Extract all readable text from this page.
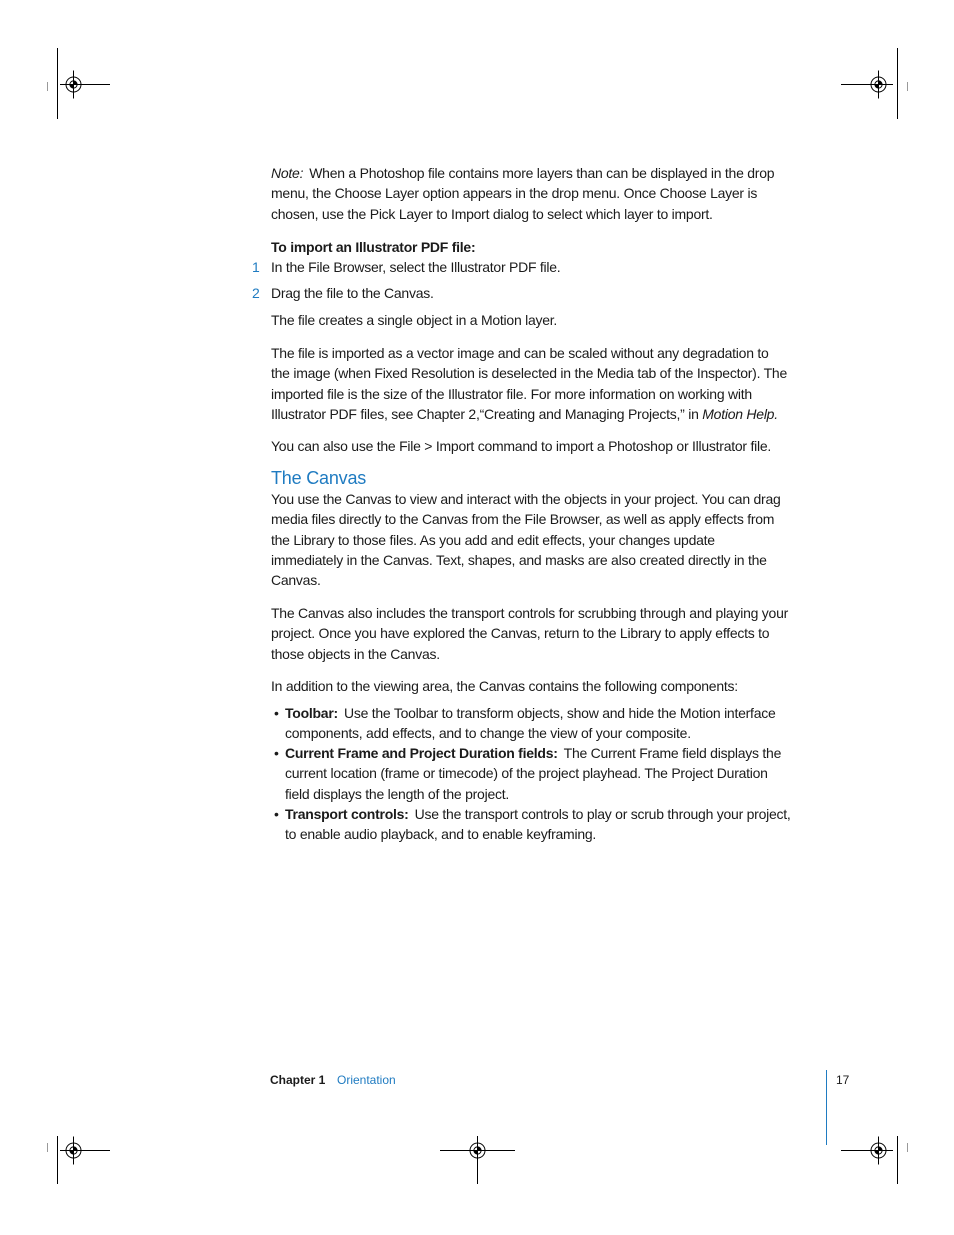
Note: When a Photoshop file contains more layers than can be displayed in the drop
menu, the Choose Layer option appears in the drop menu. Once Choose Layer is
chosen, use the Pick Layer to Import dialog to select which layer to import.
To import an Illustrator PDF file:
1 In the File Browser, select the Illustrator PDF file.
2 Drag the file to the Canvas.
The file creates a single object in a Motion layer.
The file is imported as a vector image and can be scaled without any degradation to
the image (when Fixed Resolution is deselected in the Media tab of the Inspector). The
imported file is the size of the Illustrator file. For more information on working with
Illustrator PDF files, see Chapter 2,“Creating and Managing Projects,” in Motion Help.
You can also use the File > Import command to import a Photoshop or Illustrator file.
The Canvas
You use the Canvas to view and interact with the objects in your project. You can drag
media files directly to the Canvas from the File Browser, as well as apply effects from
the Library to those files. As you add and edit effects, your changes update
immediately in the Canvas. Text, shapes, and masks are also created directly in the
Canvas.
The Canvas also includes the transport controls for scrubbing through and playing your
project. Once you have explored the Canvas, return to the Library to apply effects to
those objects in the Canvas.
In addition to the viewing area, the Canvas contains the following components:
• Toolbar: Use the Toolbar to transform objects, show and hide the Motion interface
components, add effects, and to change the view of your composite.
• Current Frame and Project Duration fields: The Current Frame field displays the
current location (frame or timecode) of the project playhead. The Project Duration
field displays the length of the project.
• Transport controls: Use the transport controls to play or scrub through your project,
to enable audio playback, and to enable keyframing.
Chapter 1 Orientation	17
